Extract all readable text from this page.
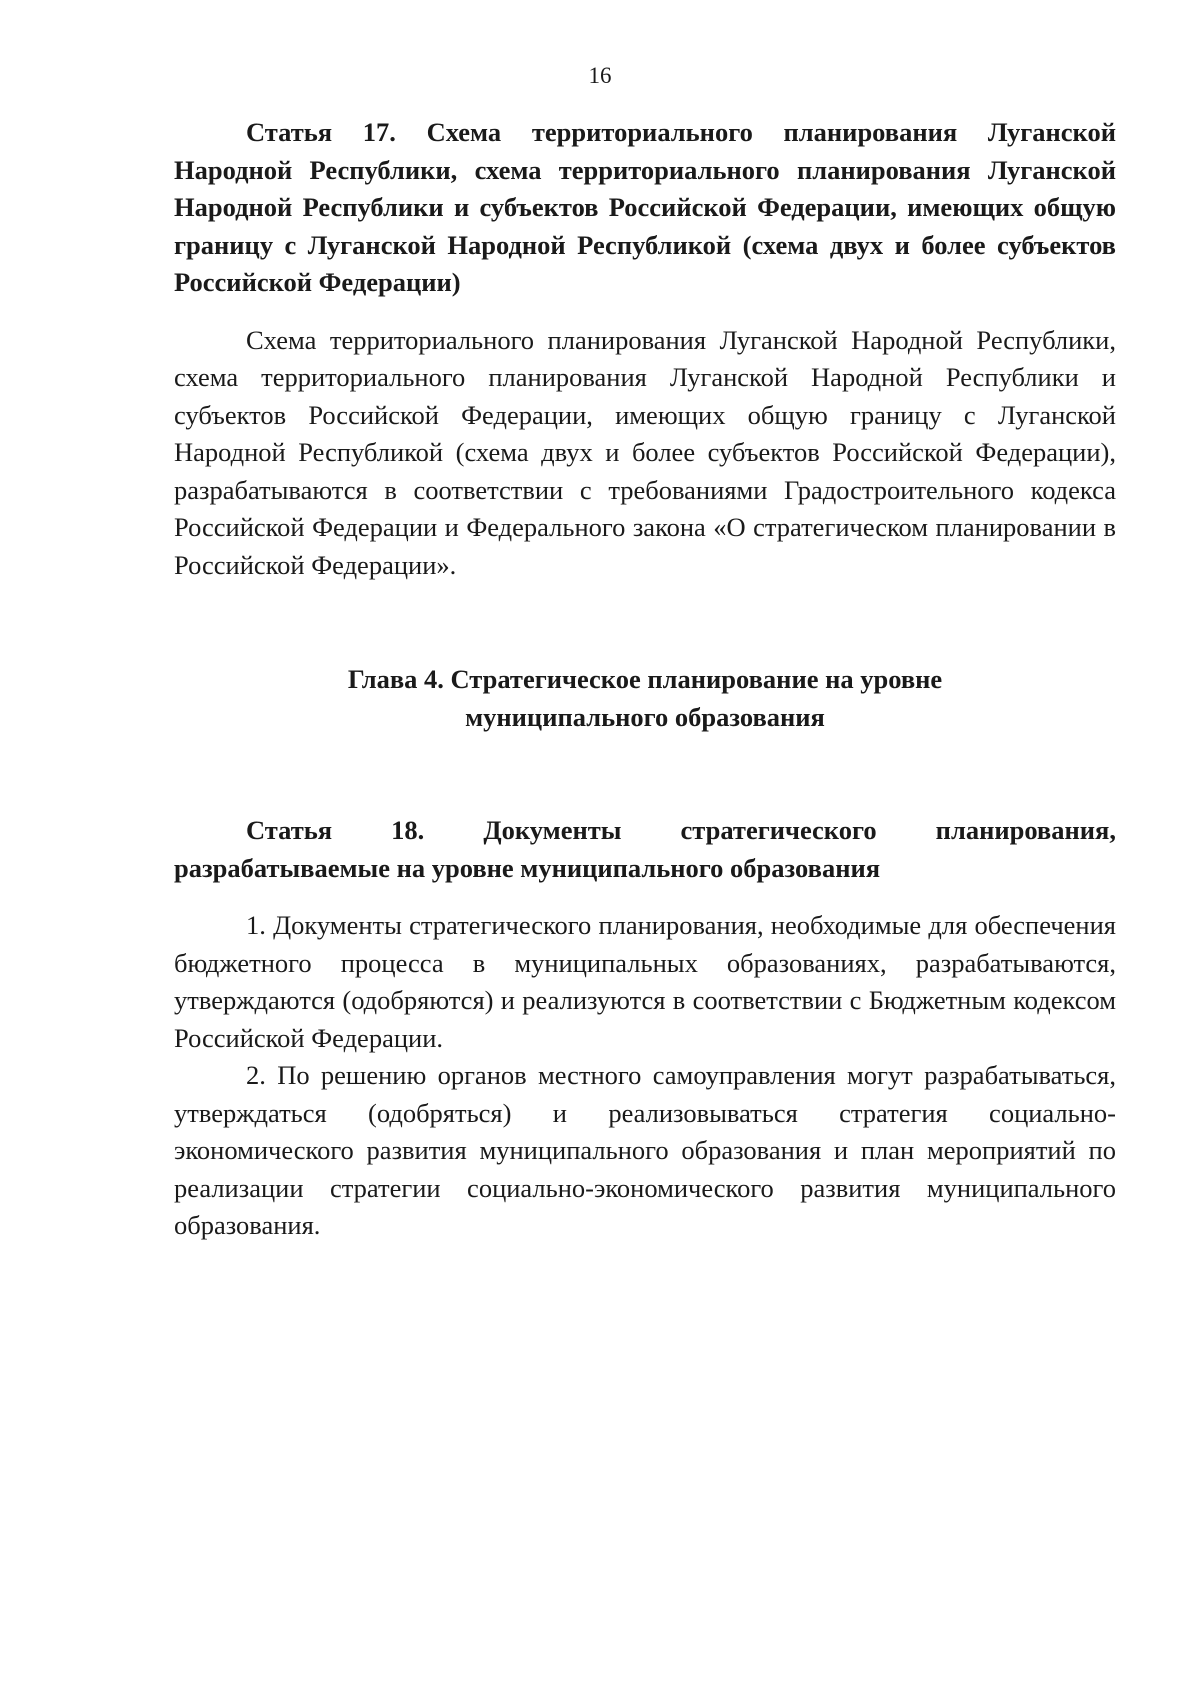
16

Статья 17. Схема территориального планирования Луганской Народной Республики, схема территориального планирования Луганской Народной Республики и субъектов Российской Федерации, имеющих общую границу с Луганской Народной Республикой (схема двух и более субъектов Российской Федерации)

Схема территориального планирования Луганской Народной Республики, схема территориального планирования Луганской Народной Республики и субъектов Российской Федерации, имеющих общую границу с Луганской Народной Республикой (схема двух и более субъектов Российской Федерации), разрабатываются в соответствии с требованиями Градостроительного кодекса Российской Федерации и Федерального закона «О стратегическом планировании в Российской Федерации».

Глава 4. Стратегическое планирование на уровне

муниципального образования

Статья 18. Документы стратегического планирования, разрабатываемые на уровне муниципального образования

1. Документы стратегического планирования, необходимые для обеспечения бюджетного процесса в муниципальных образованиях, разрабатываются, утверждаются (одобряются) и реализуются в соответствии с Бюджетным кодексом Российской Федерации.

2. По решению органов местного самоуправления могут разрабатываться, утверждаться (одобряться) и реализовываться стратегия социально-экономического развития муниципального образования и план мероприятий по реализации стратегии социально-экономического развития муниципального образования.
